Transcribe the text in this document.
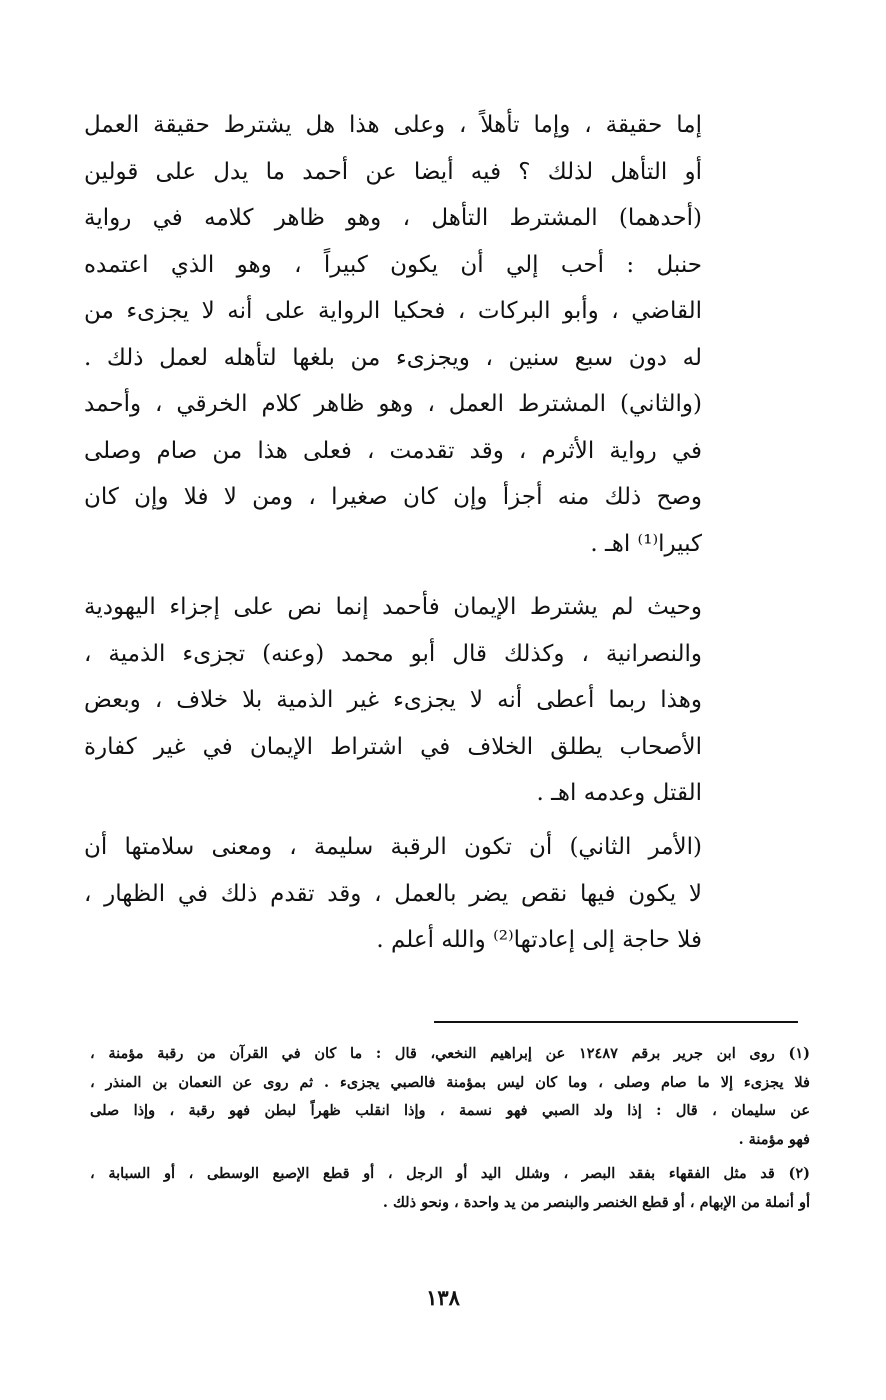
إما حقيقة ، وإما تأهلاً ، وعلى هذا هل يشترط حقيقة العمل
أو التأهل لذلك ؟ فيه أيضا عن أحمد ما يدل على قولين
(أحدهما) المشترط التأهل ، وهو ظاهر كلامه في رواية
حنبل : أحب إلي أن يكون كبيراً ، وهو الذي اعتمده
القاضي ، وأبو البركات ، فحكيا الرواية على أنه لا يجزىء من
له دون سبع سنين ، ويجزىء من بلغها لتأهله لعمل ذلك .
(والثاني) المشترط العمل ، وهو ظاهر كلام الخرقي ، وأحمد
في رواية الأثرم ، وقد تقدمت ، فعلى هذا من صام وصلى
وصح ذلك منه أجزأ وإن كان صغيرا ، ومن لا فلا وإن كان
كبيرا⁽¹⁾ اهـ .
وحيث لم يشترط الإيمان فأحمد إنما نص على إجزاء اليهودية
والنصرانية ، وكذلك قال أبو محمد (وعنه) تجزىء الذمية ،
وهذا ربما أعطى أنه لا يجزىء غير الذمية بلا خلاف ، وبعض
الأصحاب يطلق الخلاف في اشتراط الإيمان في غير كفارة
القتل وعدمه اهـ .
(الأمر الثاني) أن تكون الرقبة سليمة ، ومعنى سلامتها أن
لا يكون فيها نقص يضر بالعمل ، وقد تقدم ذلك في الظهار ،
فلا حاجة إلى إعادتها⁽²⁾ والله أعلم .
(١) روى ابن جرير برقم ١٢٤٨٧ عن إبراهيم النخعي، قال : ما كان في القرآن من رقبة مؤمنة ،
فلا يجزىء إلا ما صام وصلى ، وما كان ليس بمؤمنة فالصبي يجزىء . ثم روى عن النعمان بن المنذر ،
عن سليمان ، قال : إذا ولد الصبي فهو نسمة ، وإذا انقلب ظهراً لبطن فهو رقبة ، وإذا صلى
فهو مؤمنة .
(٢) قد مثل الفقهاء بفقد البصر ، وشلل اليد أو الرجل ، أو قطع الإصبع الوسطى ، أو السبابة ،
أو أنملة من الإبهام ، أو قطع الخنصر والبنصر من يد واحدة ، ونحو ذلك .
١٣٨
